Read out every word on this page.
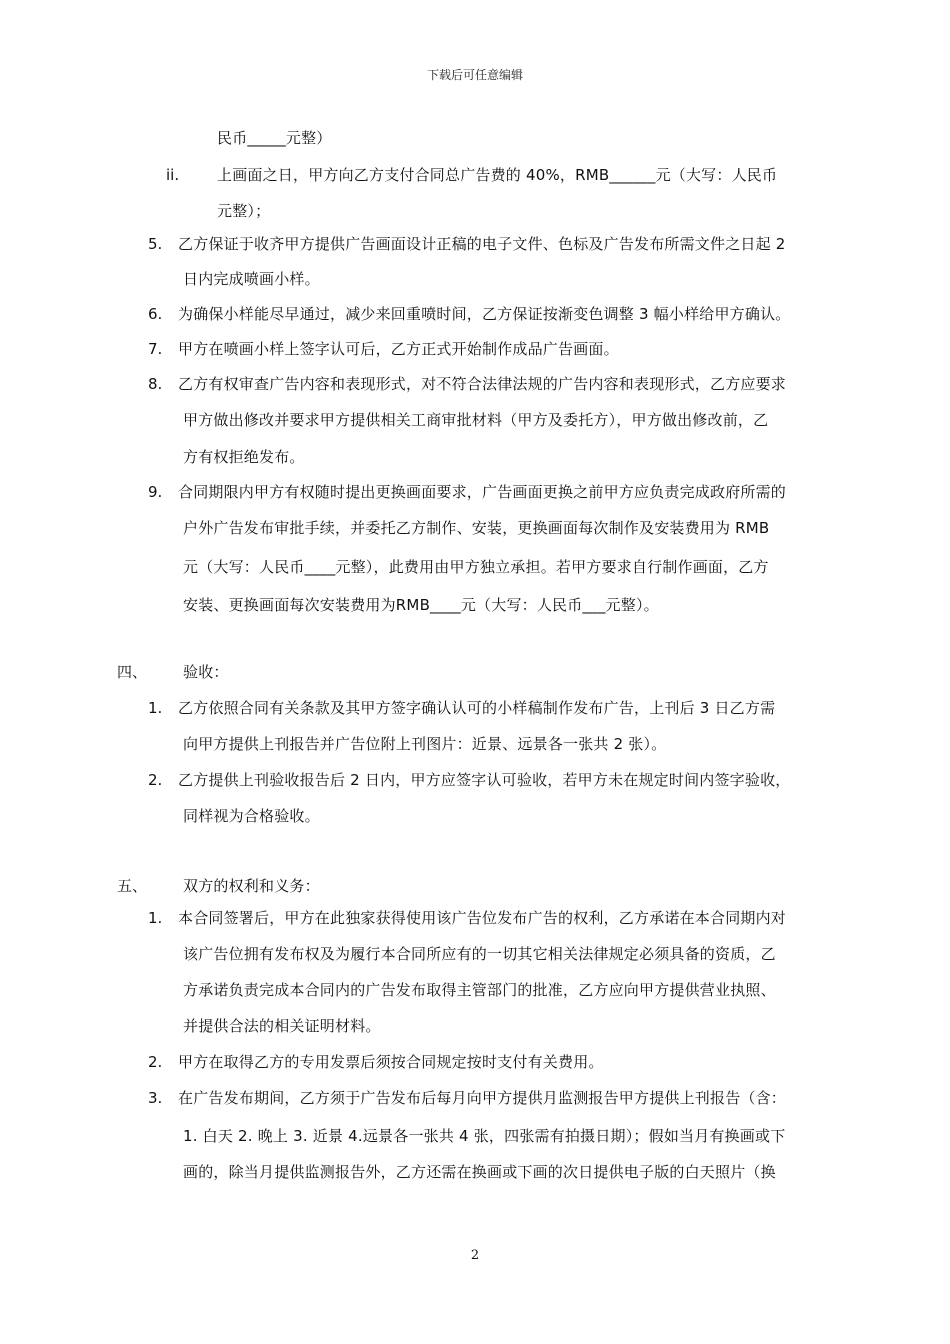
下载后可任意编辑
ii.
5.
6.
7.
8.
9.
四、
1.
2.
五、
1.
2.
3.
民币_____元整）
上画面之日，甲方向乙方支付合同总广告费的 40%，RMB______元（大写：人民币
元整）；
乙方保证于收齐甲方提供广告画面设计正稿的电子文件、色标及广告发布所需文件之日起 2
日内完成喷画小样。
为确保小样能尽早通过，减少来回重喷时间，乙方保证按渐变色调整 3 幅小样给甲方确认。
甲方在喷画小样上签字认可后，乙方正式开始制作成品广告画面。
乙方有权审查广告内容和表现形式，对不符合法律法规的广告内容和表现形式，乙方应要求
甲方做出修改并要求甲方提供相关工商审批材料（甲方及委托方），甲方做出修改前，乙
方有权拒绝发布。
合同期限内甲方有权随时提出更换画面要求，广告画面更换之前甲方应负责完成政府所需的
户外广告发布审批手续，并委托乙方制作、安装，更换画面每次制作及安装费用为 RMB
元（大写：人民币____元整），此费用由甲方独立承担。若甲方要求自行制作画面，乙方
安装、更换画面每次安装费用为RMB____元（大写：人民币___元整）。
验收：
乙方依照合同有关条款及其甲方签字确认认可的小样稿制作发布广告，上刊后 3 日乙方需
向甲方提供上刊报告并广告位附上刊图片：近景、远景各一张共 2 张）。
乙方提供上刊验收报告后 2 日内，甲方应签字认可验收，若甲方未在规定时间内签字验收，
同样视为合格验收。
双方的权利和义务：
本合同签署后，甲方在此独家获得使用该广告位发布广告的权利，乙方承诺在本合同期内对
该广告位拥有发布权及为履行本合同所应有的一切其它相关法律规定必须具备的资质，乙
方承诺负责完成本合同内的广告发布取得主管部门的批准，乙方应向甲方提供营业执照、
并提供合法的相关证明材料。
甲方在取得乙方的专用发票后须按合同规定按时支付有关费用。
在广告发布期间，乙方须于广告发布后每月向甲方提供月监测报告甲方提供上刊报告（含：
1. 白天 2. 晚上 3. 近景 4.远景各一张共 4 张，四张需有拍摄日期）；假如当月有换画或下
画的，除当月提供监测报告外，乙方还需在换画或下画的次日提供电子版的白天照片（换
2
